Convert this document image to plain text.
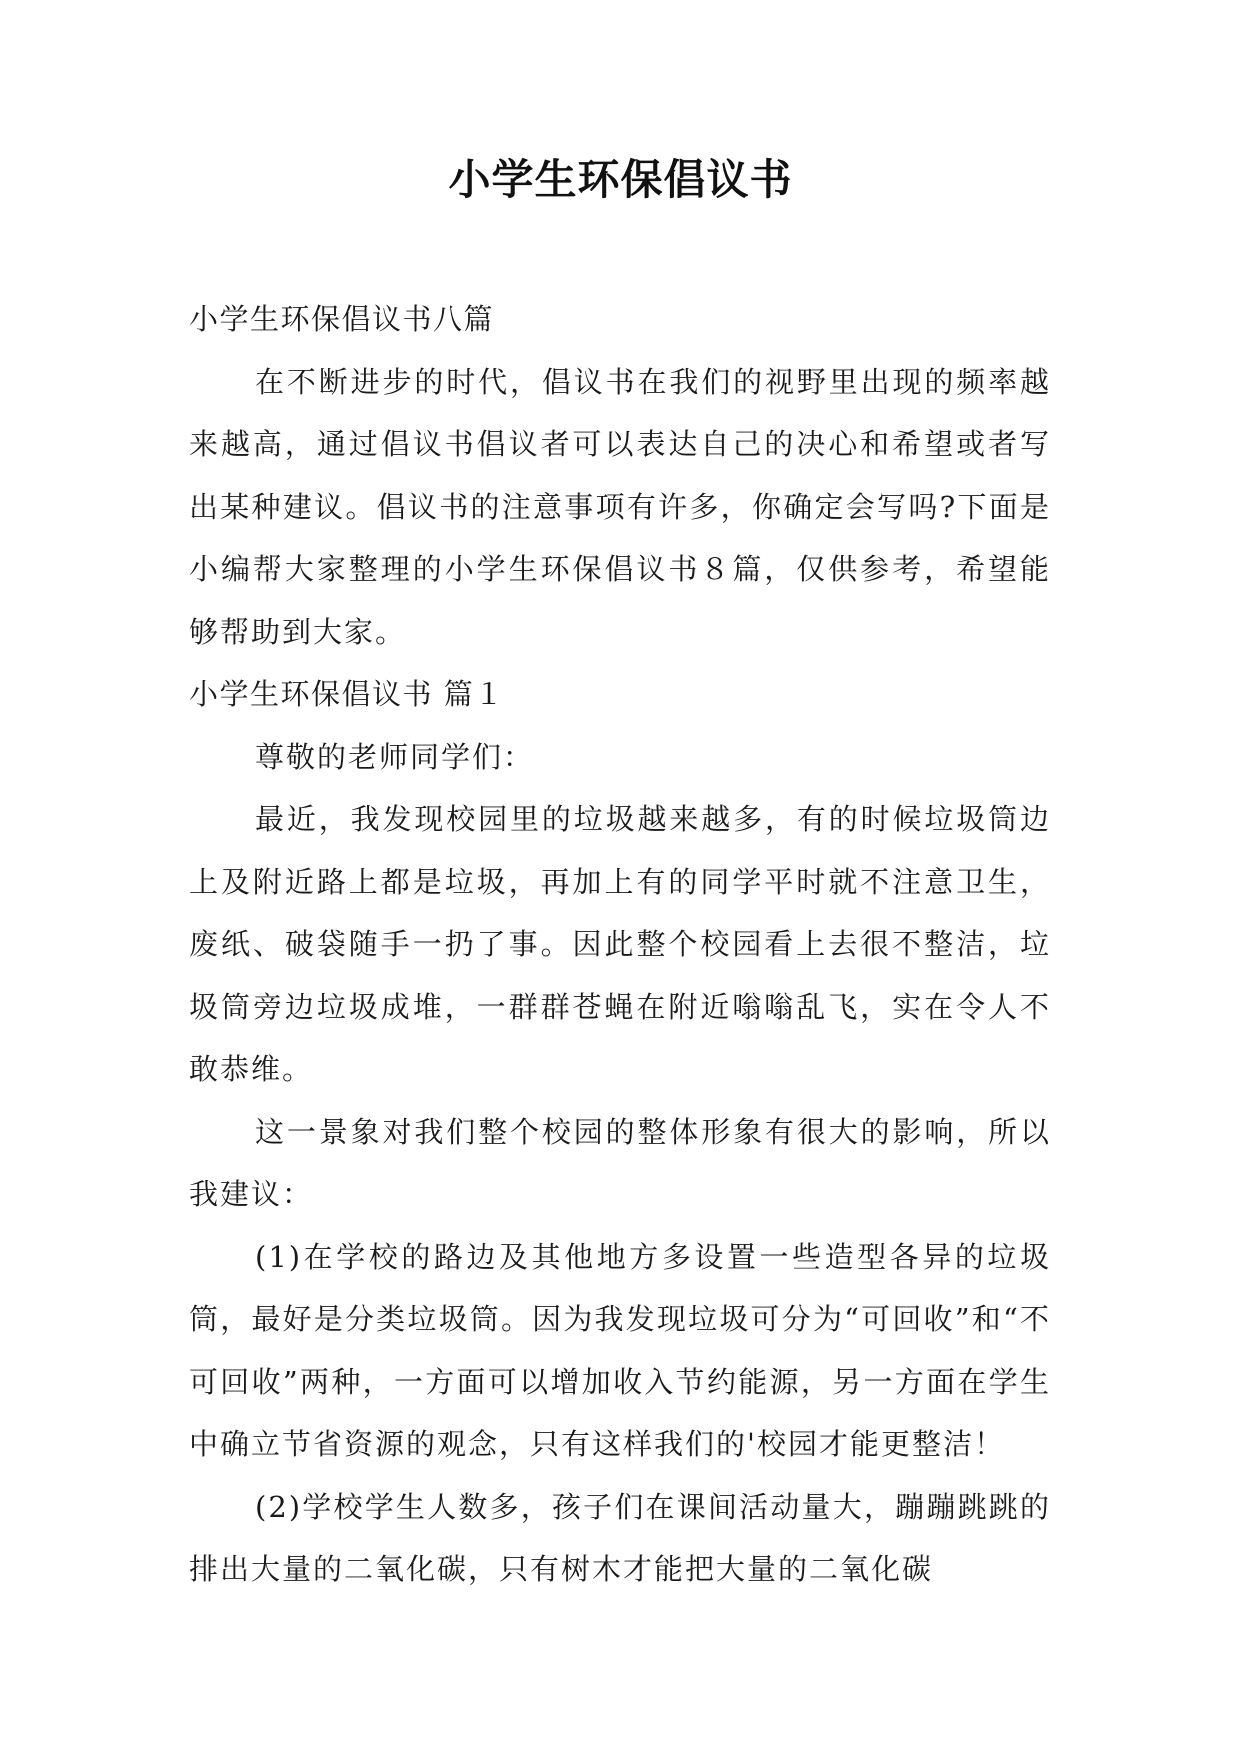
小学生环保倡议书

小学生环保倡议书八篇

在不断进步的时代，倡议书在我们的视野里出现的频率越来越高，通过倡议书倡议者可以表达自己的决心和希望或者写出某种建议。倡议书的注意事项有许多，你确定会写吗?下面是小编帮大家整理的小学生环保倡议书８篇，仅供参考，希望能够帮助到大家。

小学生环保倡议书 篇１

尊敬的老师同学们：

最近，我发现校园里的垃圾越来越多，有的时候垃圾筒边上及附近路上都是垃圾，再加上有的同学平时就不注意卫生，废纸、破袋随手一扔了事。因此整个校园看上去很不整洁，垃圾筒旁边垃圾成堆，一群群苍蝇在附近嗡嗡乱飞，实在令人不敢恭维。

这一景象对我们整个校园的整体形象有很大的影响，所以我建议：

(1)在学校的路边及其他地方多设置一些造型各异的垃圾筒，最好是分类垃圾筒。因为我发现垃圾可分为“可回收”和“不可回收”两种，一方面可以增加收入节约能源，另一方面在学生中确立节省资源的观念，只有这样我们的'校园才能更整洁！

(2)学校学生人数多，孩子们在课间活动量大，蹦蹦跳跳的排出大量的二氧化碳，只有树木才能把大量的二氧化碳
